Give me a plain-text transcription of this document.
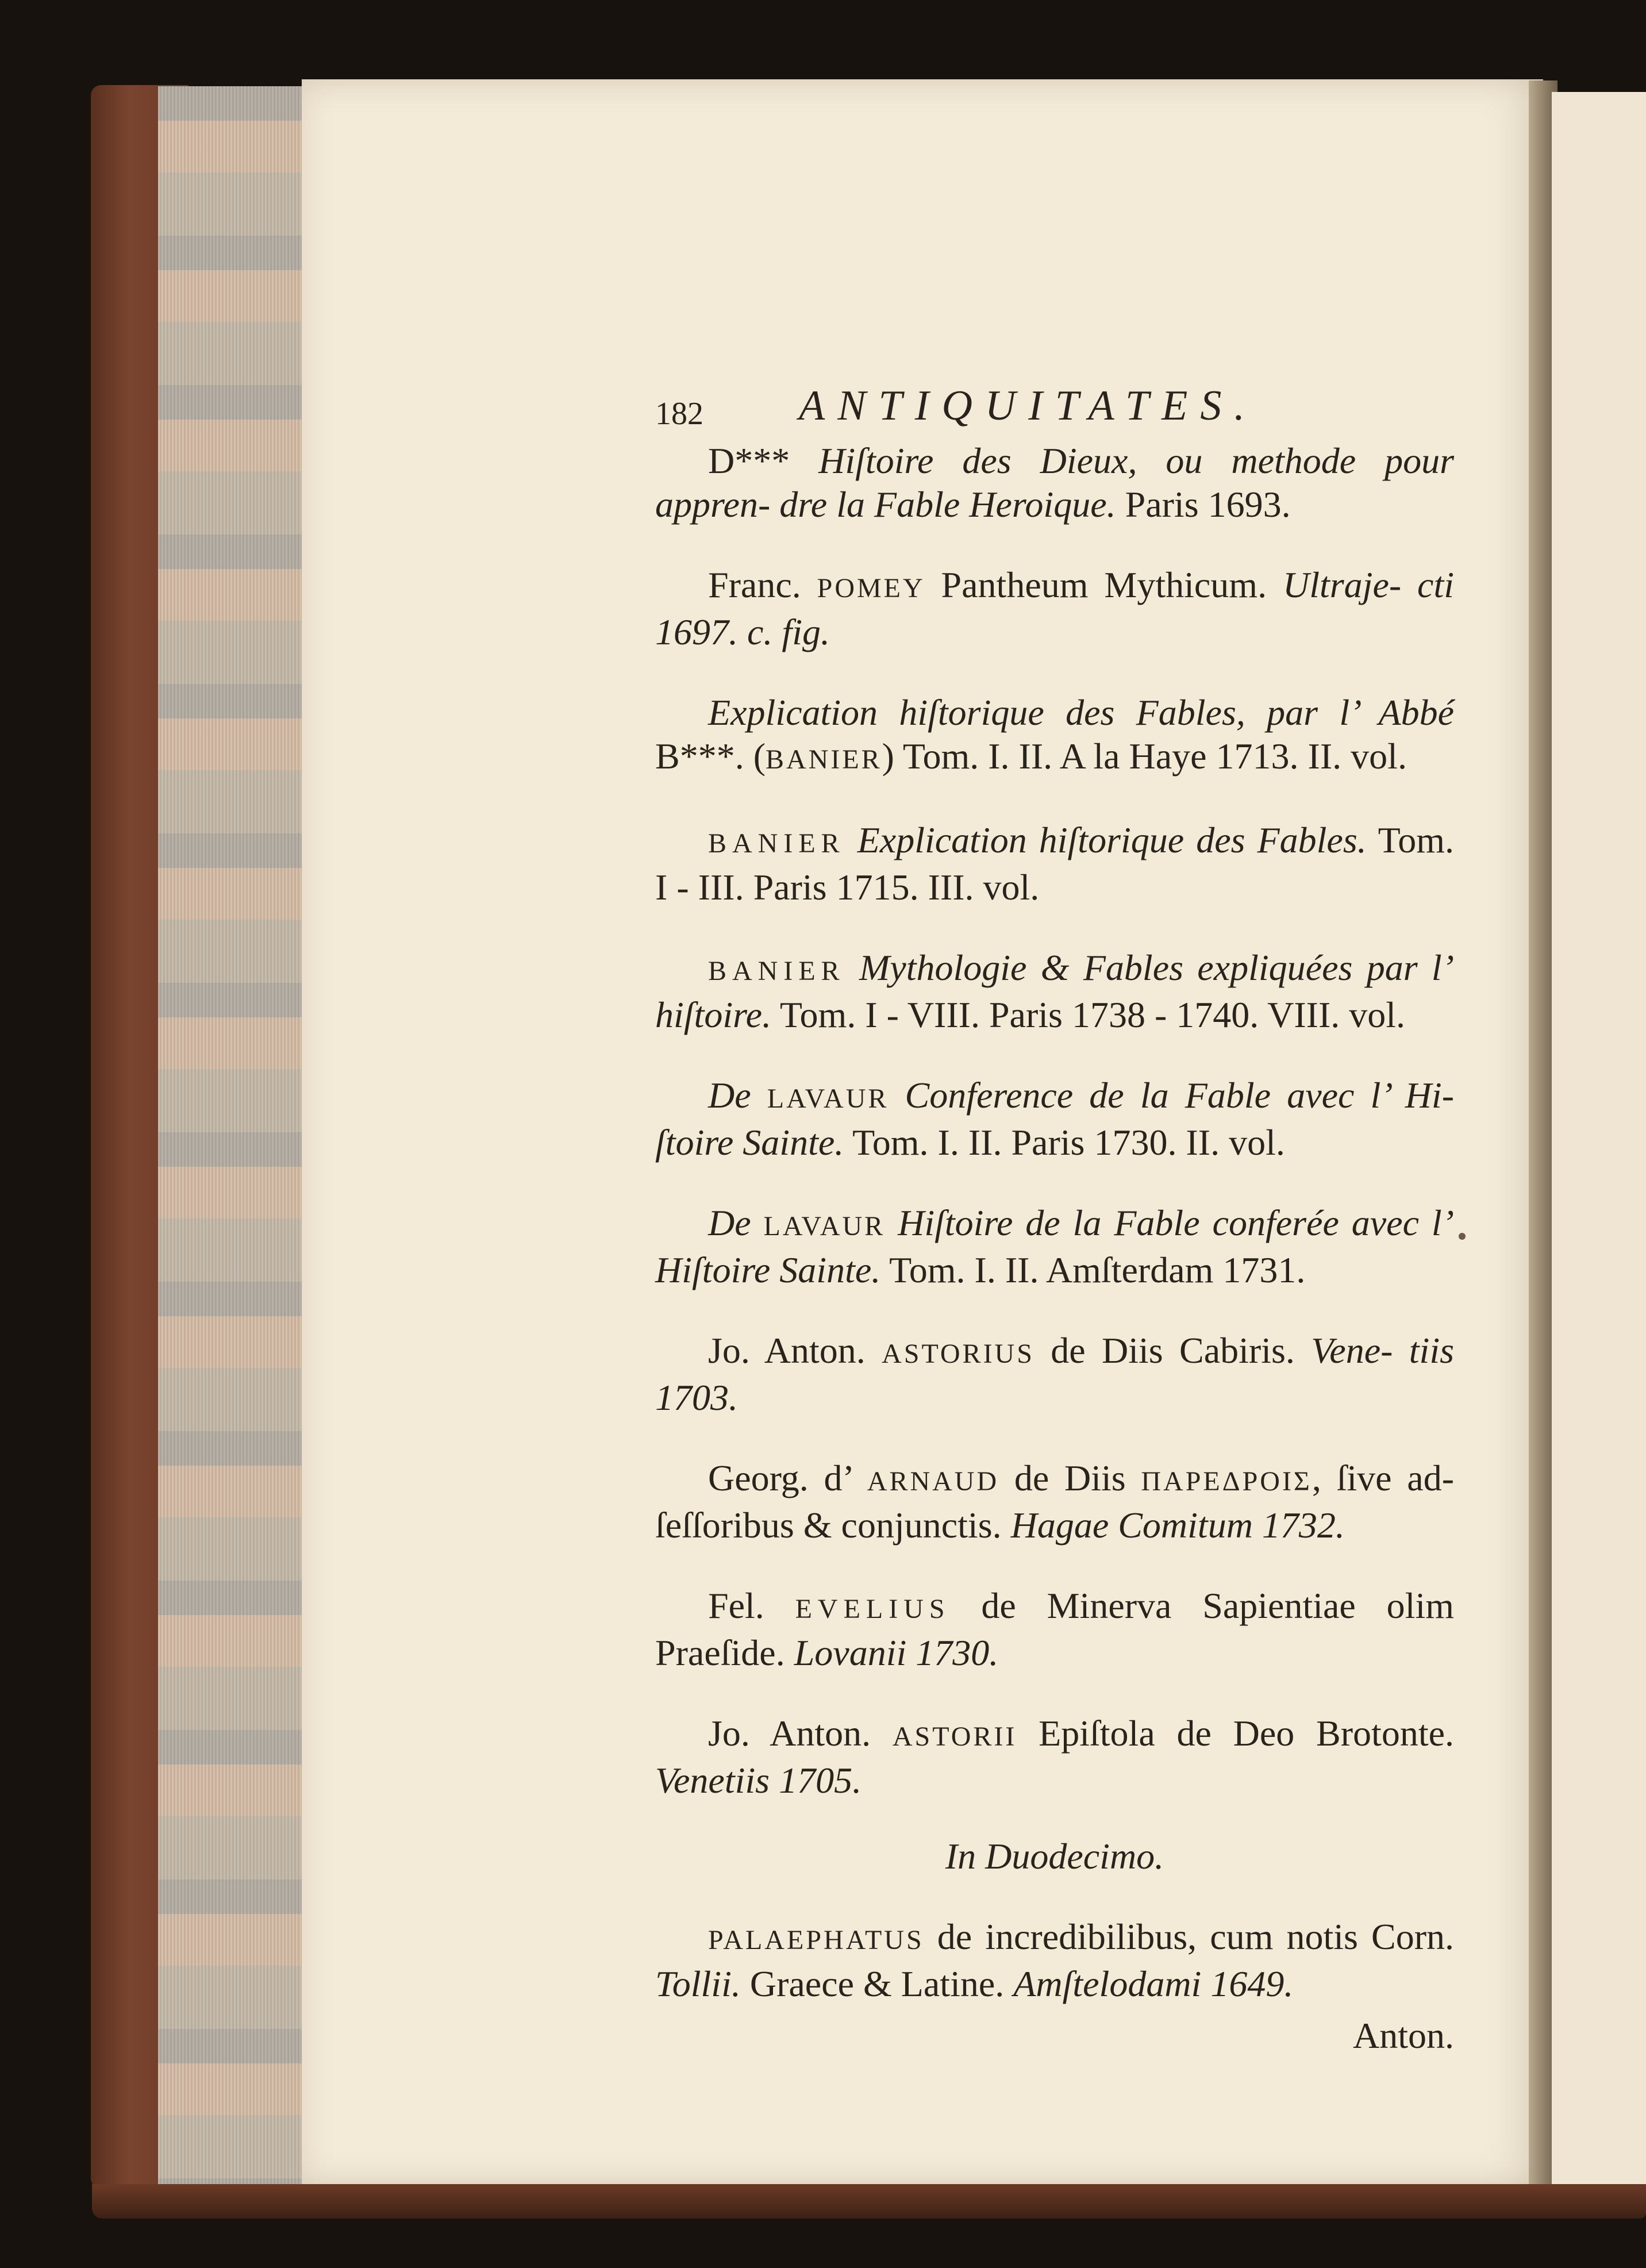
182 ANTIQUITATES.

D*** Hiſtoire des Dieux, ou methode pour appren- dre la Fable Heroique. Paris 1693.

Franc. POMEY Pantheum Mythicum. Ultraje- cti 1697. c. fig.

Explication hiſtorique des Fables, par l’ Abbé B***. (BANIER) Tom. I. II. A la Haye 1713. II. vol.

BANIER Explication hiſtorique des Fables. Tom. I - III. Paris 1715. III. vol.

BANIER Mythologie & Fables expliquées par l’ hiſtoire. Tom. I - VIII. Paris 1738 - 1740. VIII. vol.

De LAVAUR Conference de la Fable avec l’ Hi- ſtoire Sainte. Tom. I. II. Paris 1730. II. vol.

De LAVAUR Hiſtoire de la Fable conferée avec l’ Hiſtoire Sainte. Tom. I. II. Amſterdam 1731.

Jo. Anton. ASTORIUS de Diis Cabiris. Vene- tiis 1703.

Georg. d’ ARNAUD de Diis ΠΑΡΕΔΡΟΙΣ, ſive ad- ſeſſoribus & conjunctis. Hagae Comitum 1732.

Fel. EVELIUS de Minerva Sapientiae olim Praeſide. Lovanii 1730.

Jo. Anton. ASTORII Epiſtola de Deo Brotonte. Venetiis 1705.

In Duodecimo.

PALAEPHATUS de incredibilibus, cum notis Corn. Tollii. Graece & Latine. Amſtelodami 1649.

Anton.
